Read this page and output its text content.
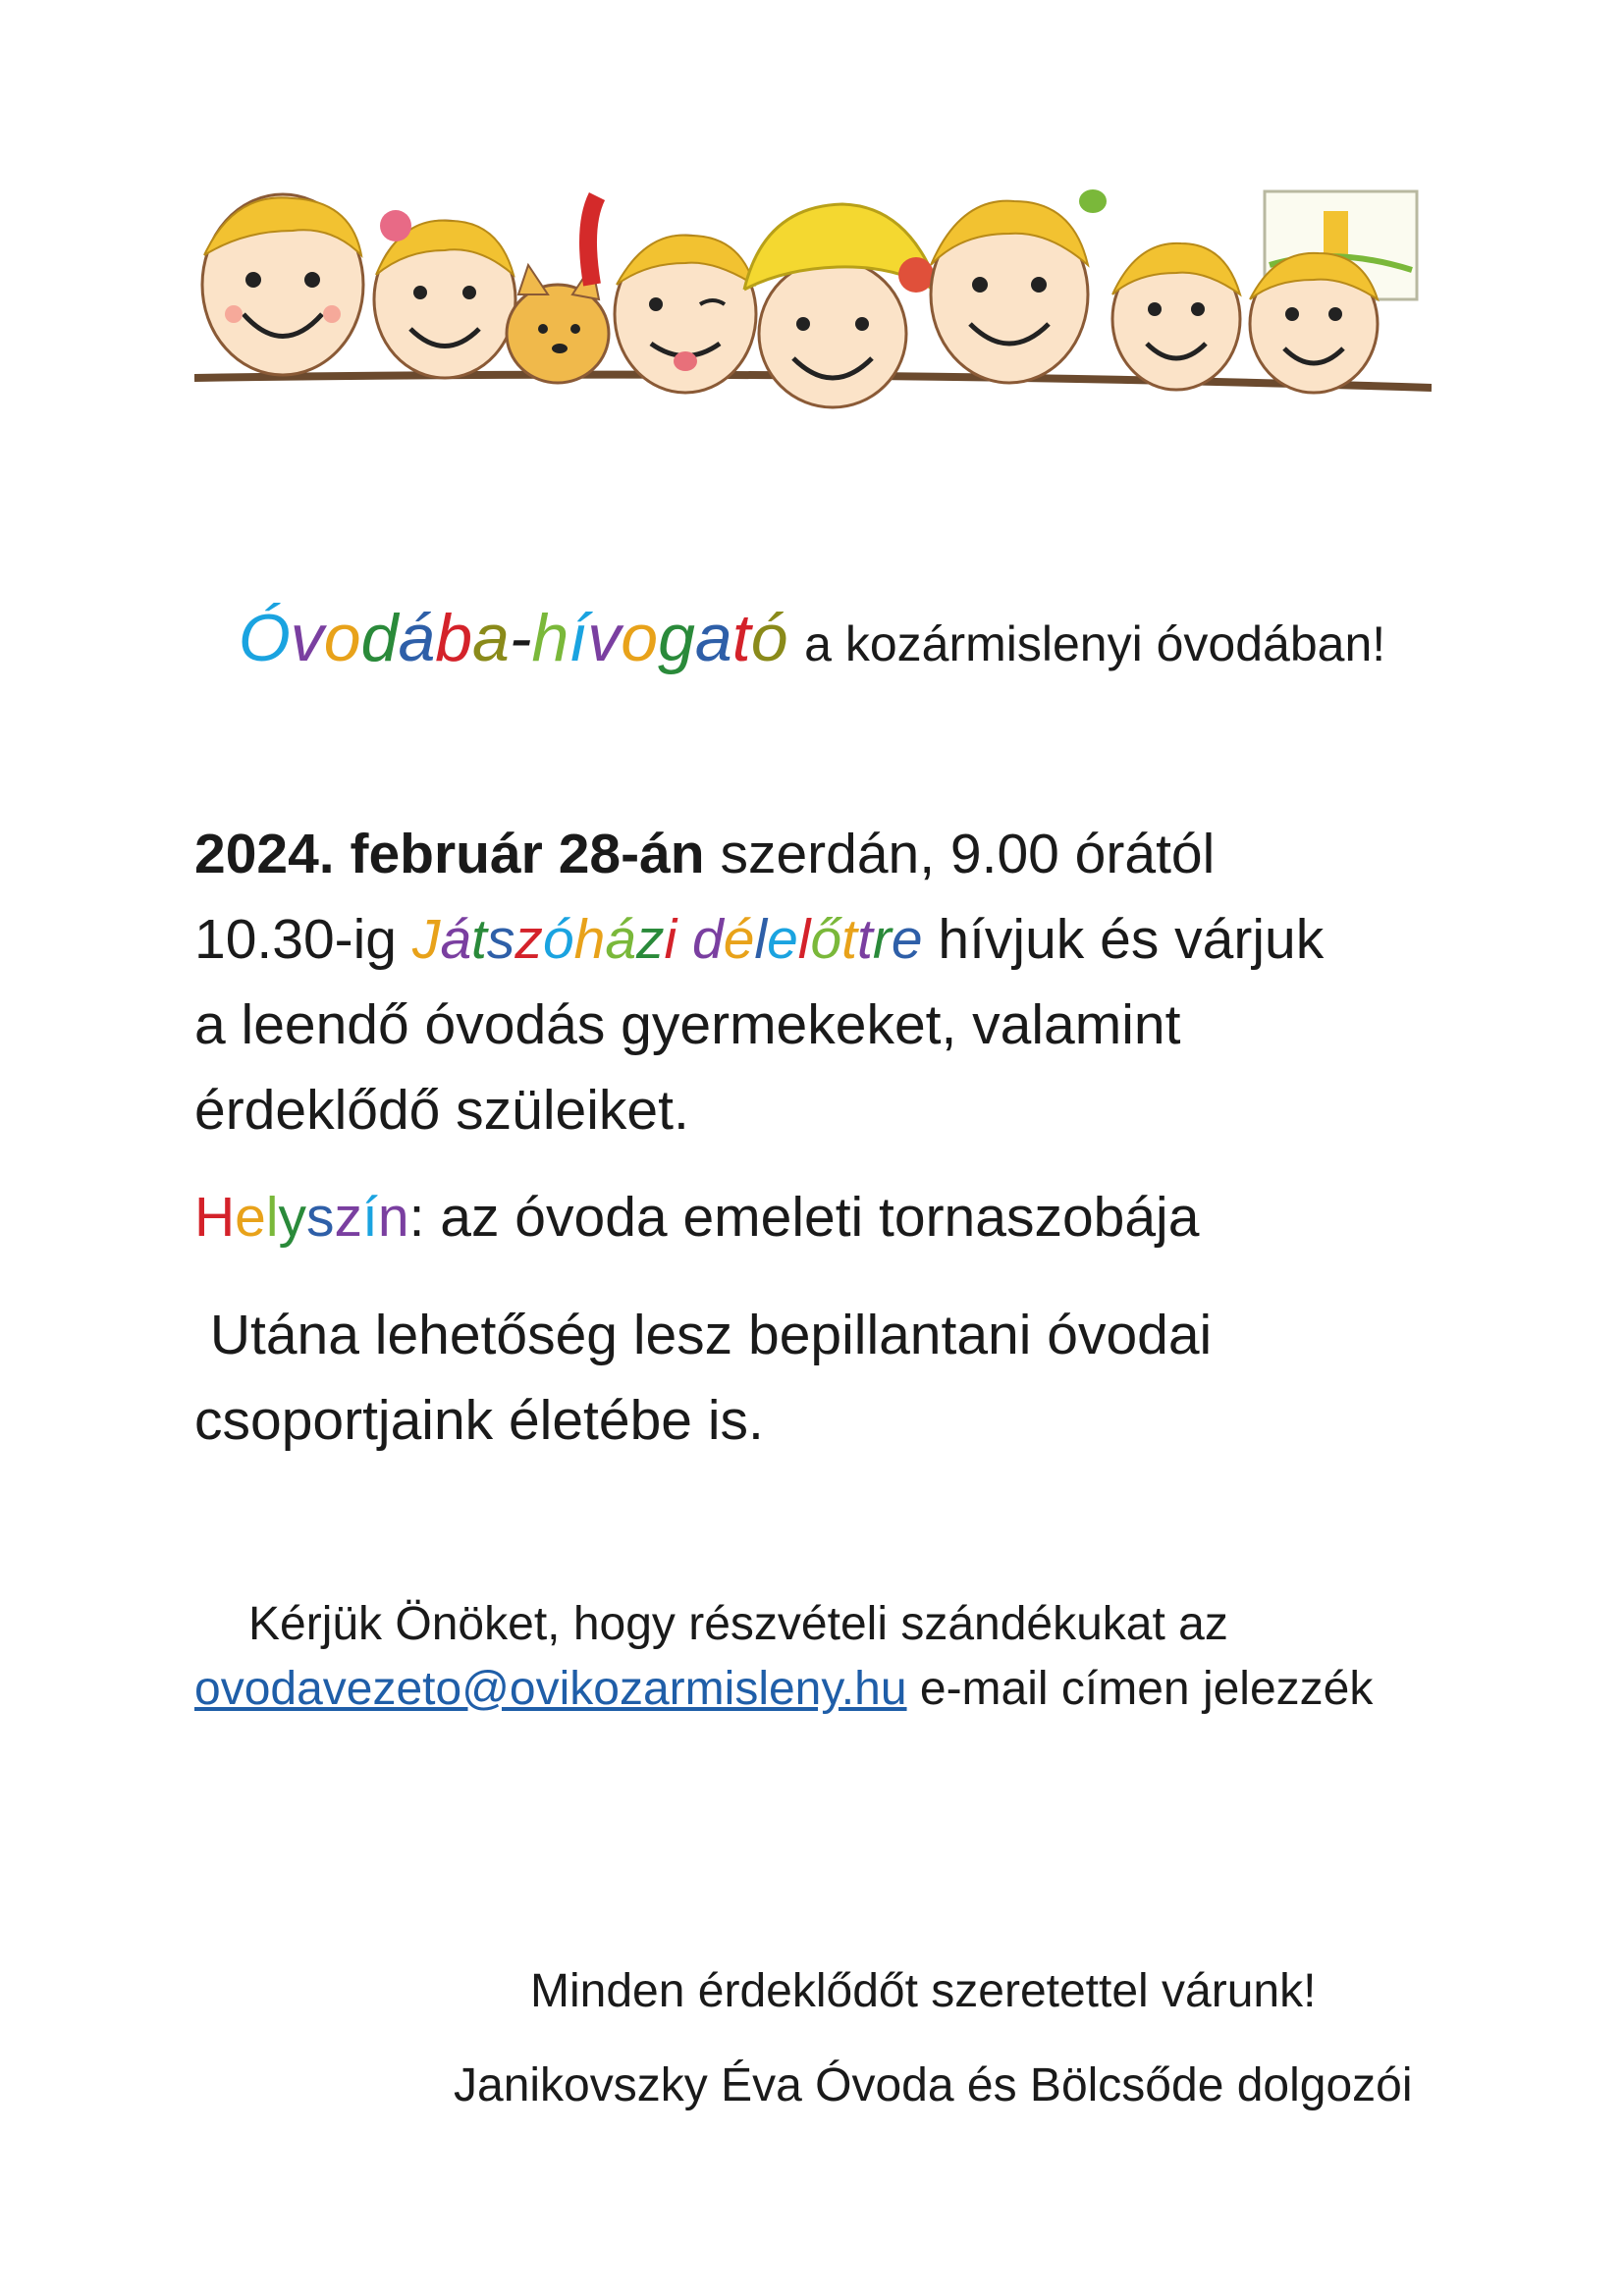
Óvodába-hívogató a kozármislenyi óvodában!
2024. február 28-án szerdán, 9.00 órától
10.30-ig Játszóházi délelőttre hívjuk és várjuk
a leendő óvodás gyermekeket, valamint
érdeklődő szüleiket.
Helyszín: az óvoda emeleti tornaszobája
Utána lehetőség lesz bepillantani óvodai
csoportjaink életébe is.
Kérjük Önöket, hogy részvételi szándékukat az
ovodavezeto@ovikozarmisleny.hu e-mail címen jelezzék
Minden érdeklődőt szeretettel várunk!
Janikovszky Éva Óvoda és Bölcsőde dolgozói
